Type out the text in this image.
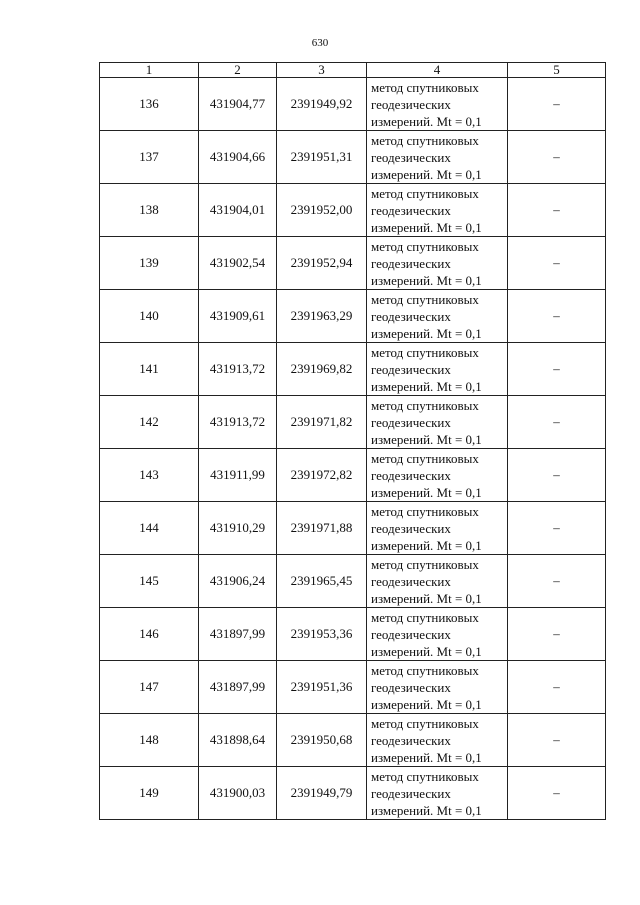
630
1	2	3	4	5
136	431904,77	2391949,92	метод спутниковых
геодезических
измерений. Mt = 0,1	–
137	431904,66	2391951,31	метод спутниковых
геодезических
измерений. Mt = 0,1	–
138	431904,01	2391952,00	метод спутниковых
геодезических
измерений. Mt = 0,1	–
139	431902,54	2391952,94	метод спутниковых
геодезических
измерений. Mt = 0,1	–
140	431909,61	2391963,29	метод спутниковых
геодезических
измерений. Mt = 0,1	–
141	431913,72	2391969,82	метод спутниковых
геодезических
измерений. Mt = 0,1	–
142	431913,72	2391971,82	метод спутниковых
геодезических
измерений. Mt = 0,1	–
143	431911,99	2391972,82	метод спутниковых
геодезических
измерений. Mt = 0,1	–
144	431910,29	2391971,88	метод спутниковых
геодезических
измерений. Mt = 0,1	–
145	431906,24	2391965,45	метод спутниковых
геодезических
измерений. Mt = 0,1	–
146	431897,99	2391953,36	метод спутниковых
геодезических
измерений. Mt = 0,1	–
147	431897,99	2391951,36	метод спутниковых
геодезических
измерений. Mt = 0,1	–
148	431898,64	2391950,68	метод спутниковых
геодезических
измерений. Mt = 0,1	–
149	431900,03	2391949,79	метод спутниковых
геодезических
измерений. Mt = 0,1	–
